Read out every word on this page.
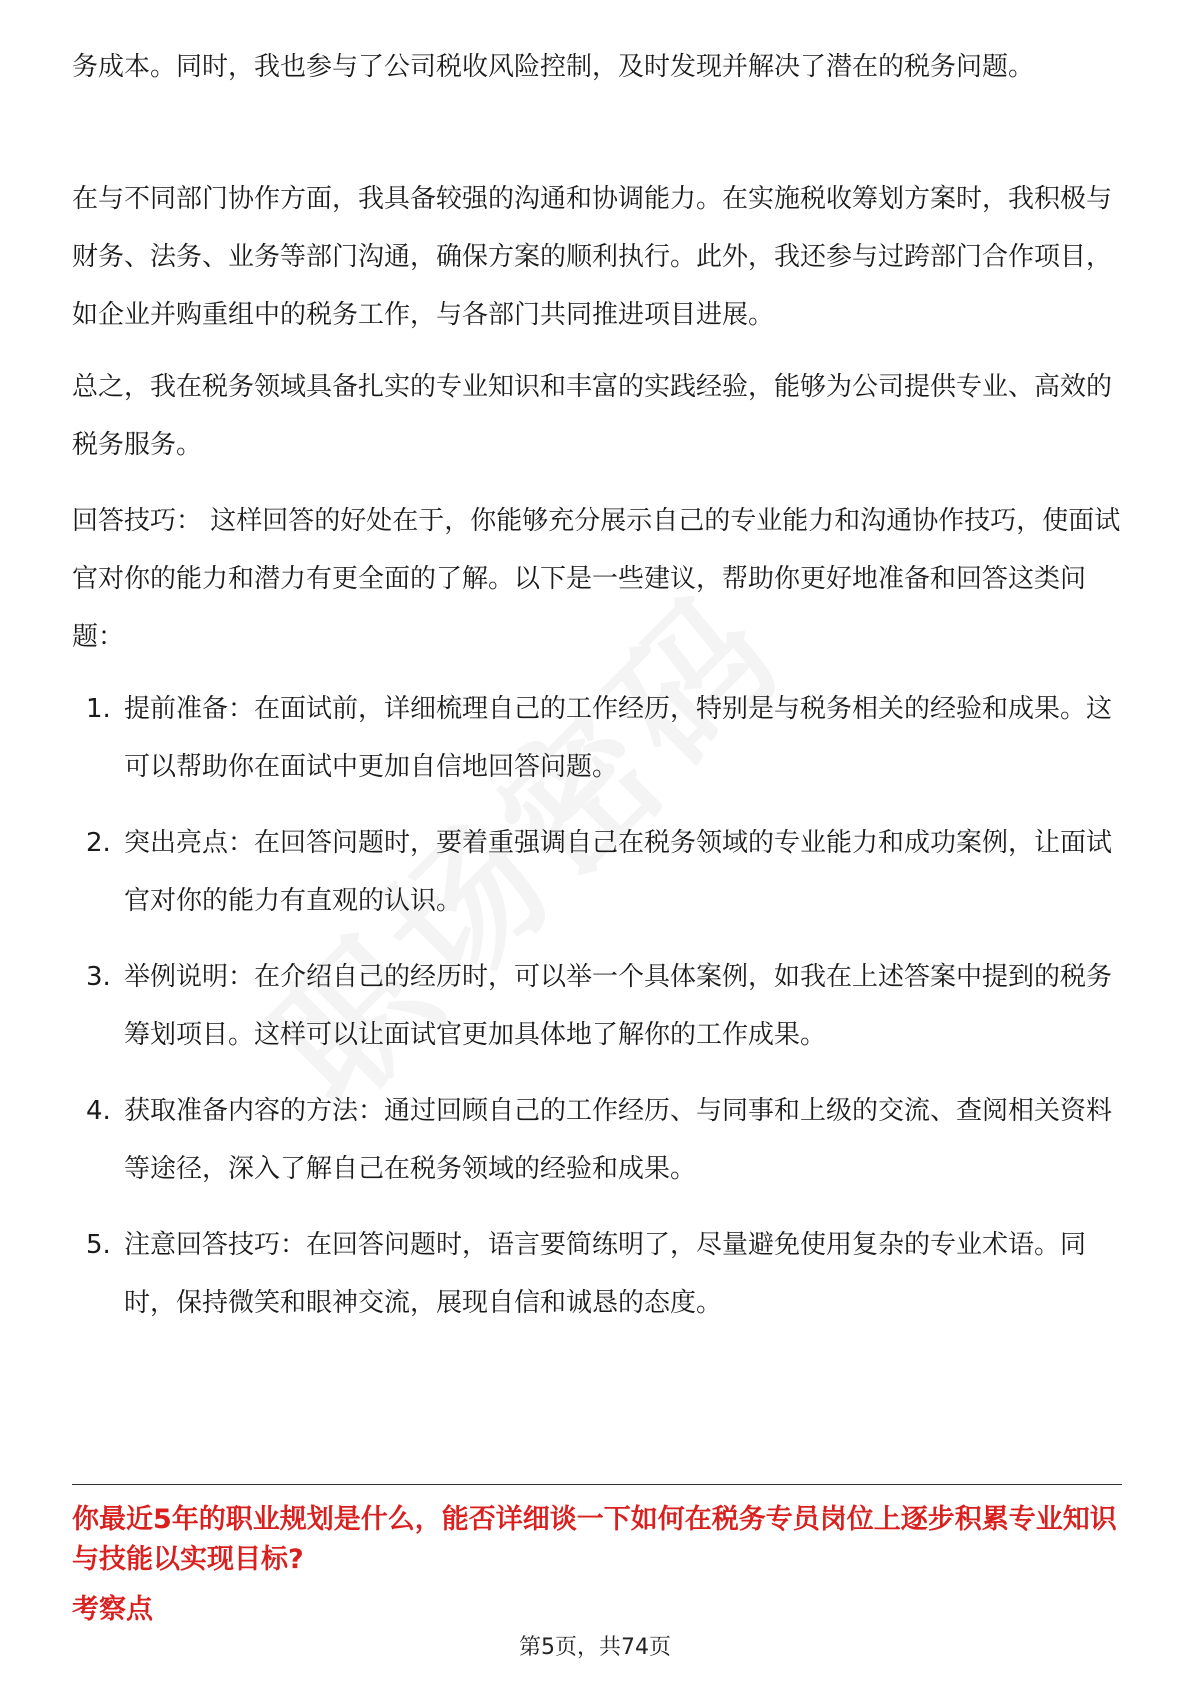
务成本。同时，我也参与了公司税收风险控制，及时发现并解决了潜在的税务问题。

在与不同部门协作方面，我具备较强的沟通和协调能力。在实施税收筹划方案时，我积极与财务、法务、业务等部门沟通，确保方案的顺利执行。此外，我还参与过跨部门合作项目，如企业并购重组中的税务工作，与各部门共同推进项目进展。

总之，我在税务领域具备扎实的专业知识和丰富的实践经验，能够为公司提供专业、高效的税务服务。

回答技巧： 这样回答的好处在于，你能够充分展示自己的专业能力和沟通协作技巧，使面试官对你的能力和潜力有更全面的了解。以下是一些建议，帮助你更好地准备和回答这类问题：

1. 提前准备：在面试前，详细梳理自己的工作经历，特别是与税务相关的经验和成果。这可以帮助你在面试中更加自信地回答问题。
2. 突出亮点：在回答问题时，要着重强调自己在税务领域的专业能力和成功案例，让面试官对你的能力有直观的认识。
3. 举例说明：在介绍自己的经历时，可以举一个具体案例，如我在上述答案中提到的税务筹划项目。这样可以让面试官更加具体地了解你的工作成果。
4. 获取准备内容的方法：通过回顾自己的工作经历、与同事和上级的交流、查阅相关资料等途径，深入了解自己在税务领域的经验和成果。
5. 注意回答技巧：在回答问题时，语言要简练明了，尽量避免使用复杂的专业术语。同时，保持微笑和眼神交流，展现自信和诚恳的态度。
你最近5年的职业规划是什么，能否详细谈一下如何在税务专员岗位上逐步积累专业知识与技能以实现目标?
考察点
第5页，共74页
